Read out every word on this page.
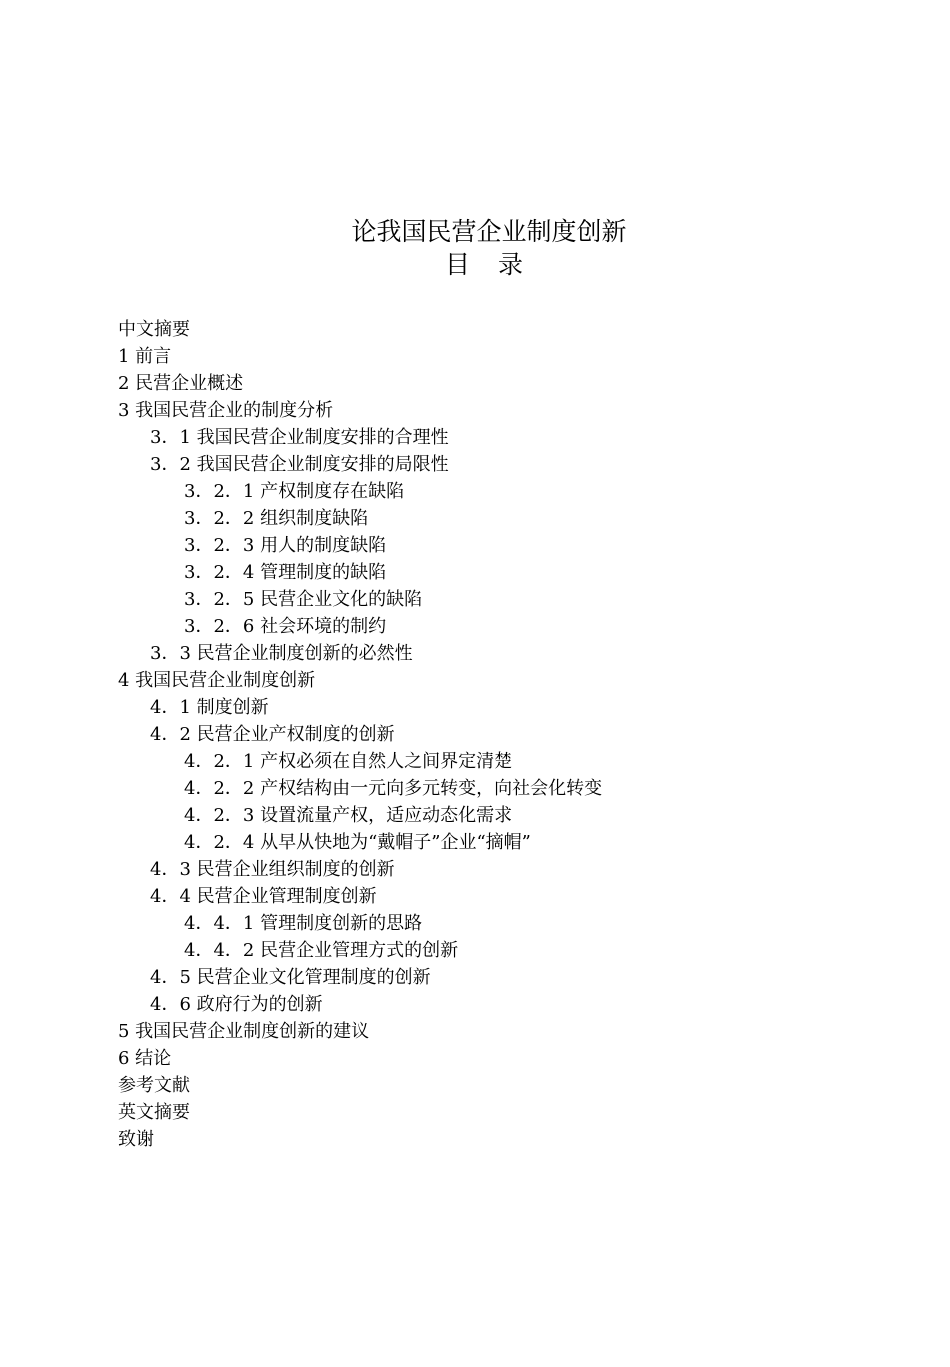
论我国民营企业制度创新
目 录
中文摘要
1 前言
2 民营企业概述
3 我国民营企业的制度分析
3．1 我国民营企业制度安排的合理性
3．2 我国民营企业制度安排的局限性
3．2．1 产权制度存在缺陷
3．2．2 组织制度缺陷
3．2．3 用人的制度缺陷
3．2．4 管理制度的缺陷
3．2．5 民营企业文化的缺陷
3．2．6 社会环境的制约
3．3 民营企业制度创新的必然性
4 我国民营企业制度创新
4．1 制度创新
4．2 民营企业产权制度的创新
4．2．1 产权必须在自然人之间界定清楚
4．2．2 产权结构由一元向多元转变，向社会化转变
4．2．3 设置流量产权，适应动态化需求
4．2．4 从早从快地为“戴帽子”企业“摘帽”
4．3 民营企业组织制度的创新
4．4 民营企业管理制度创新
4．4．1 管理制度创新的思路
4．4．2 民营企业管理方式的创新
4．5 民营企业文化管理制度的创新
4．6 政府行为的创新
5 我国民营企业制度创新的建议
6 结论
参考文献
英文摘要
致谢
